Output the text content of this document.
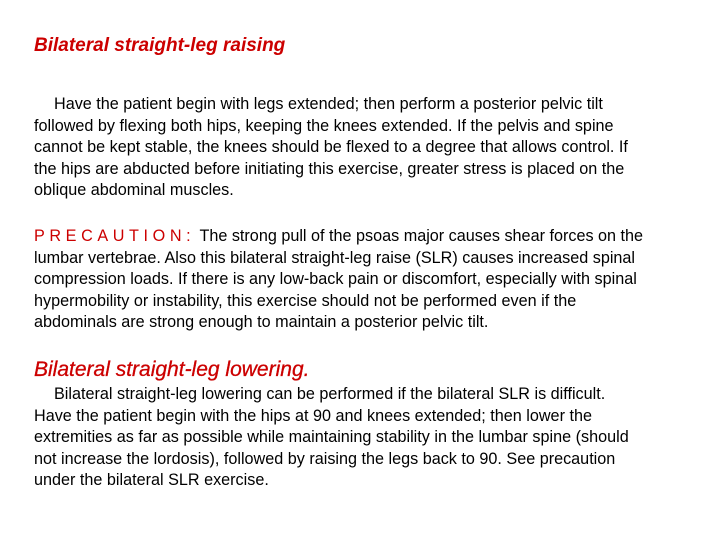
Bilateral straight-leg raising

Have the patient begin with legs extended; then perform a posterior pelvic tilt
followed by flexing both hips, keeping the knees extended. If the pelvis and spine
cannot be kept stable, the knees should be flexed to a degree that allows control. If
the hips are abducted before initiating this exercise, greater stress is placed on the
oblique abdominal muscles.

PRECAUTION: The strong pull of the psoas major causes shear forces on the
lumbar vertebrae. Also this bilateral straight-leg raise (SLR) causes increased spinal
compression loads. If there is any low-back pain or discomfort, especially with spinal
hypermobility or instability, this exercise should not be performed even if the
abdominals are strong enough to maintain a posterior pelvic tilt.

Bilateral straight-leg lowering.

Bilateral straight-leg lowering can be performed if the bilateral SLR is difficult.
Have the patient begin with the hips at 90 and knees extended; then lower the
extremities as far as possible while maintaining stability in the lumbar spine (should
not increase the lordosis), followed by raising the legs back to 90. See precaution
under the bilateral SLR exercise.
